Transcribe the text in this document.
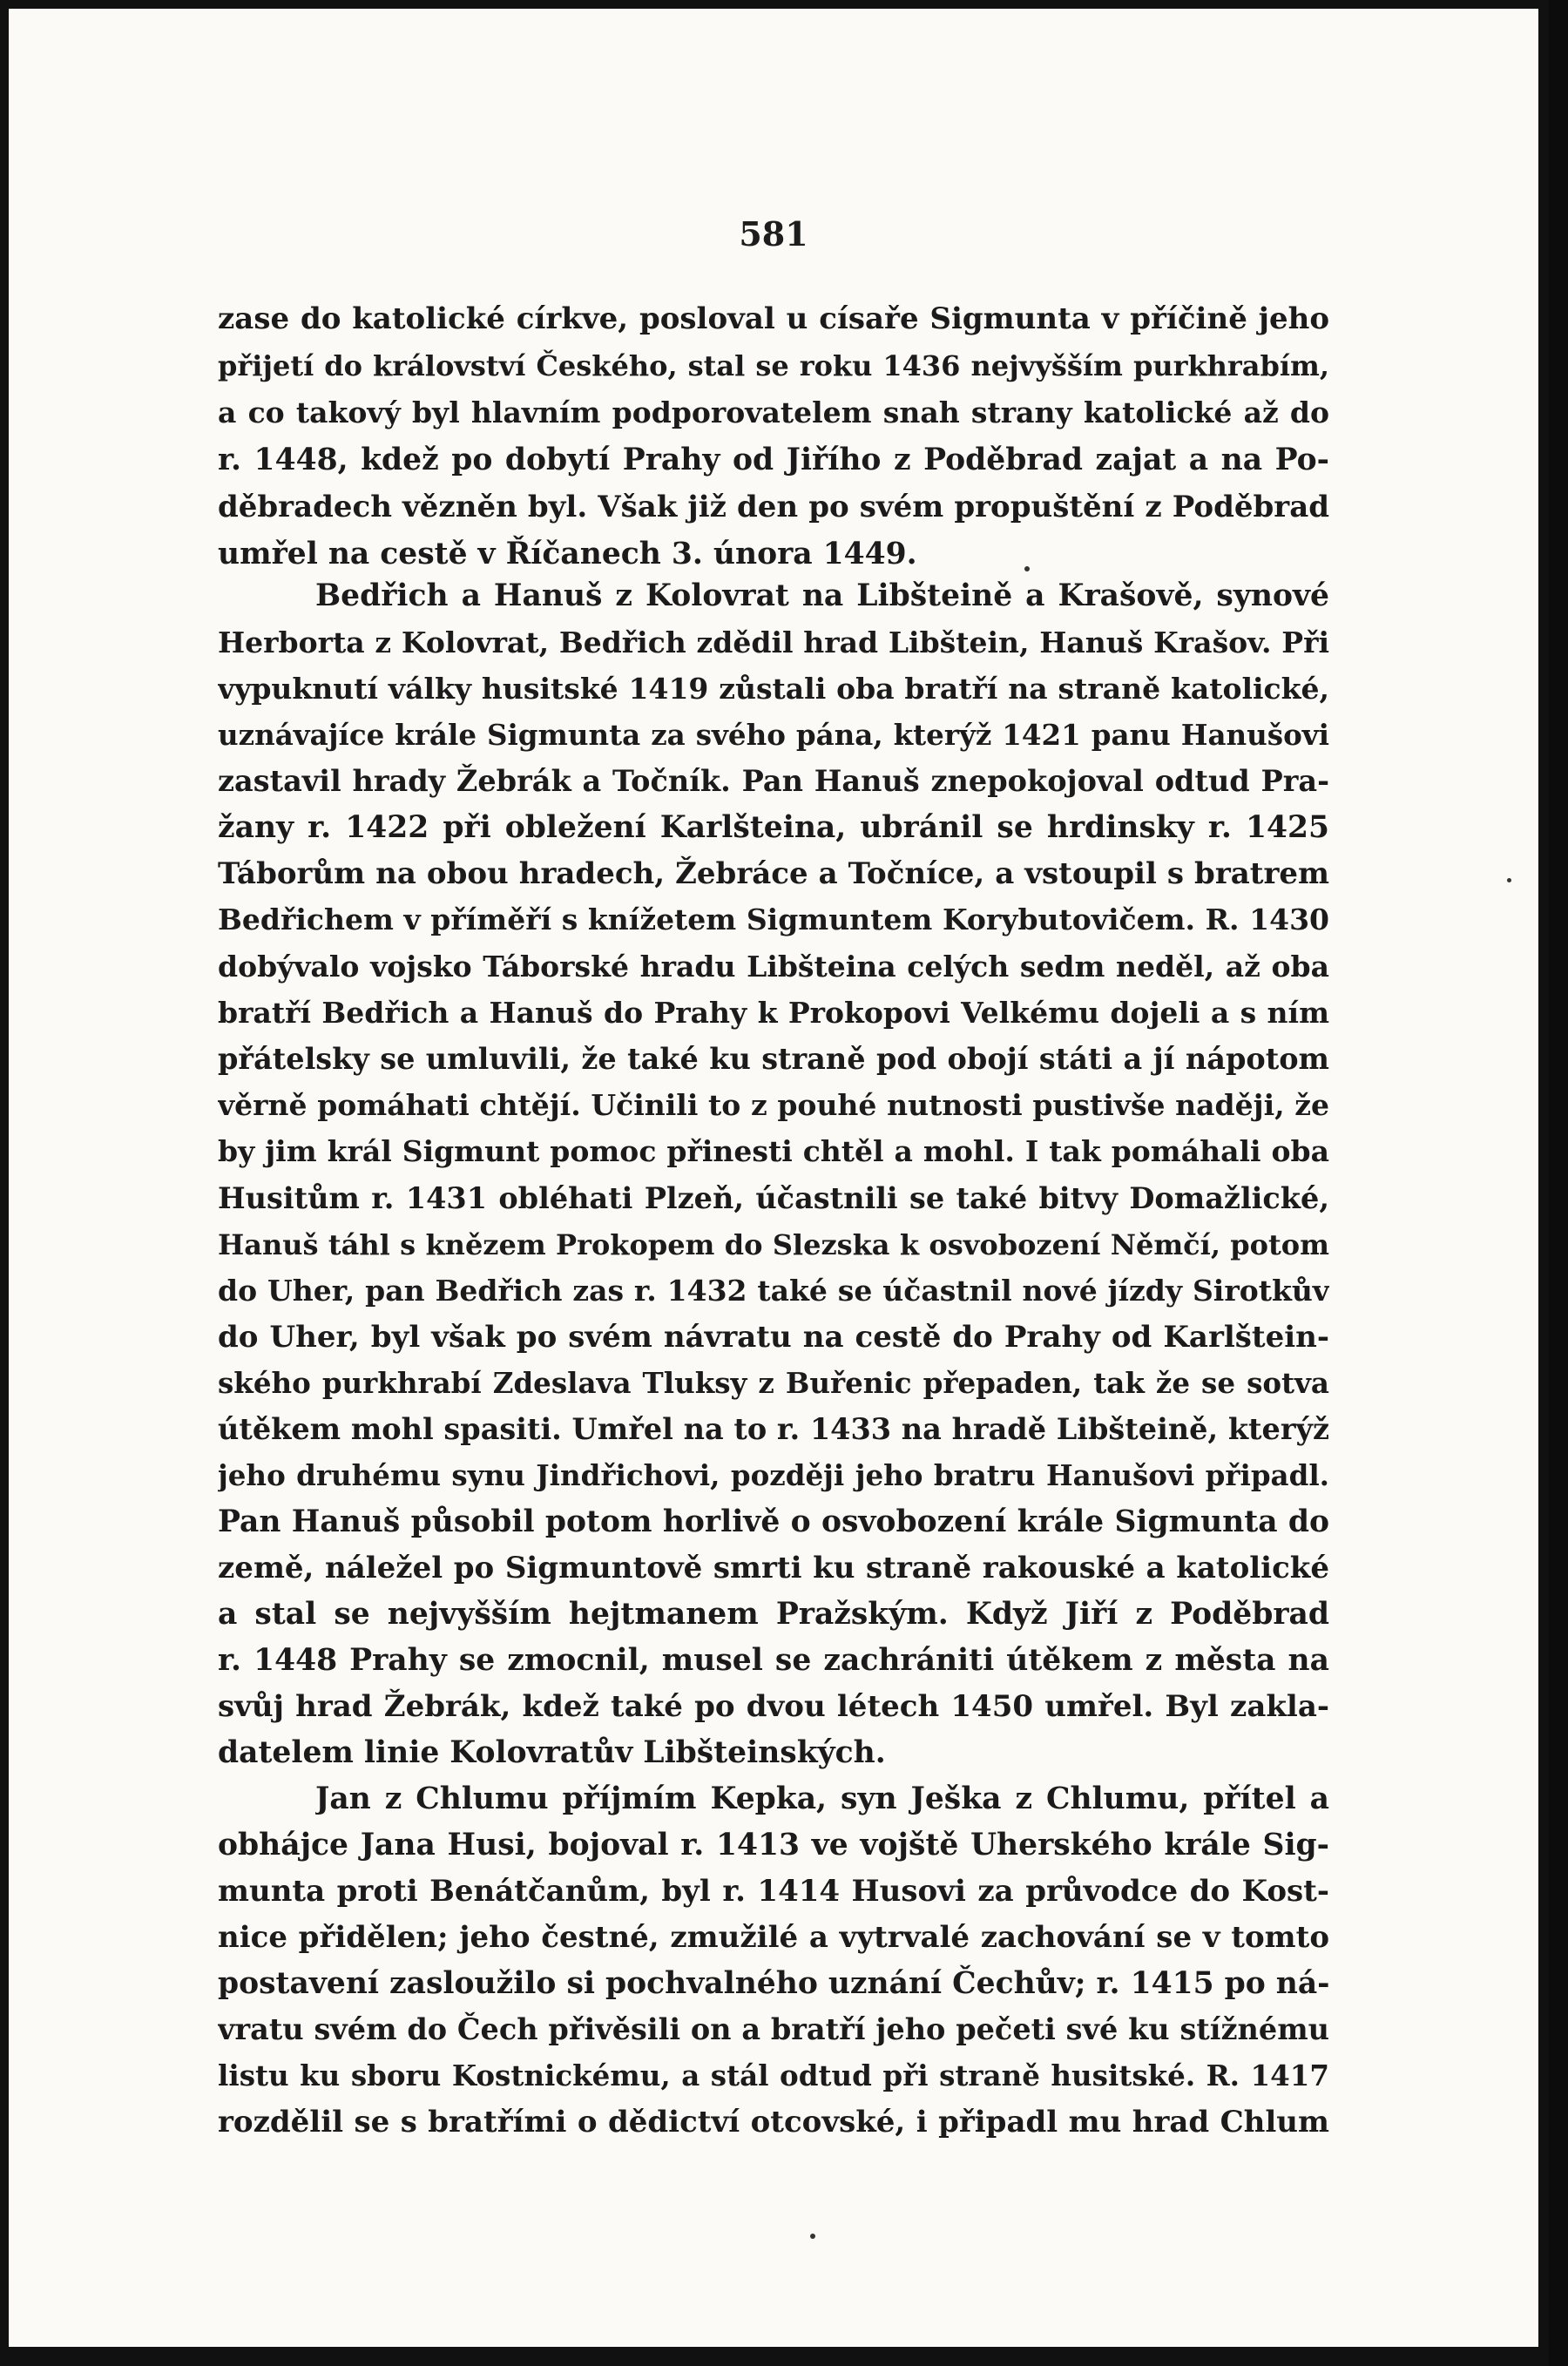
581
zase do katolické církve, posloval u císaře Sigmunta v příčině jeho
přijetí do království Českého, stal se roku 1436 nejvyšším purkhrabím,
a co takový byl hlavním podporovatelem snah strany katolické až do
r. 1448, kdež po dobytí Prahy od Jiřího z Poděbrad zajat a na Po-
děbradech vězněn byl. Však již den po svém propuštění z Poděbrad
umřel na cestě v Říčanech 3. února 1449.
Bedřich a Hanuš z Kolovrat na Libšteině a Krašově, synové
Herborta z Kolovrat, Bedřich zdědil hrad Libštein, Hanuš Krašov. Při
vypuknutí války husitské 1419 zůstali oba bratří na straně katolické,
uznávajíce krále Sigmunta za svého pána, kterýž 1421 panu Hanušovi
zastavil hrady Žebrák a Točník. Pan Hanuš znepokojoval odtud Pra-
žany r. 1422 při obležení Karlšteina, ubránil se hrdinsky r. 1425
Táborům na obou hradech, Žebráce a Točníce, a vstoupil s bratrem
Bedřichem v příměří s knížetem Sigmuntem Korybutovičem. R. 1430
dobývalo vojsko Táborské hradu Libšteina celých sedm neděl, až oba
bratří Bedřich a Hanuš do Prahy k Prokopovi Velkému dojeli a s ním
přátelsky se umluvili, že také ku straně pod obojí státi a jí nápotom
věrně pomáhati chtějí. Učinili to z pouhé nutnosti pustivše naději, že
by jim král Sigmunt pomoc přinesti chtěl a mohl. I tak pomáhali oba
Husitům r. 1431 obléhati Plzeň, účastnili se také bitvy Domažlické,
Hanuš táhl s knězem Prokopem do Slezska k osvobození Němčí, potom
do Uher, pan Bedřich zas r. 1432 také se účastnil nové jízdy Sirotkův
do Uher, byl však po svém návratu na cestě do Prahy od Karlštein-
ského purkhrabí Zdeslava Tluksy z Buřenic přepaden, tak že se sotva
útěkem mohl spasiti. Umřel na to r. 1433 na hradě Libšteině, kterýž
jeho druhému synu Jindřichovi, později jeho bratru Hanušovi připadl.
Pan Hanuš působil potom horlivě o osvobození krále Sigmunta do
země, náležel po Sigmuntově smrti ku straně rakouské a katolické
a stal se nejvyšším hejtmanem Pražským. Když Jiří z Poděbrad
r. 1448 Prahy se zmocnil, musel se zachrániti útěkem z města na
svůj hrad Žebrák, kdež také po dvou létech 1450 umřel. Byl zakla-
datelem linie Kolovratův Libšteinských.
Jan z Chlumu příjmím Kepka, syn Ješka z Chlumu, přítel a
obhájce Jana Husi, bojoval r. 1413 ve vojště Uherského krále Sig-
munta proti Benátčanům, byl r. 1414 Husovi za průvodce do Kost-
nice přidělen; jeho čestné, zmužilé a vytrvalé zachování se v tomto
postavení zasloužilo si pochvalného uznání Čechův; r. 1415 po ná-
vratu svém do Čech přivěsili on a bratří jeho pečeti své ku stížnému
listu ku sboru Kostnickému, a stál odtud při straně husitské. R. 1417
rozdělil se s bratřími o dědictví otcovské, i připadl mu hrad Chlum
